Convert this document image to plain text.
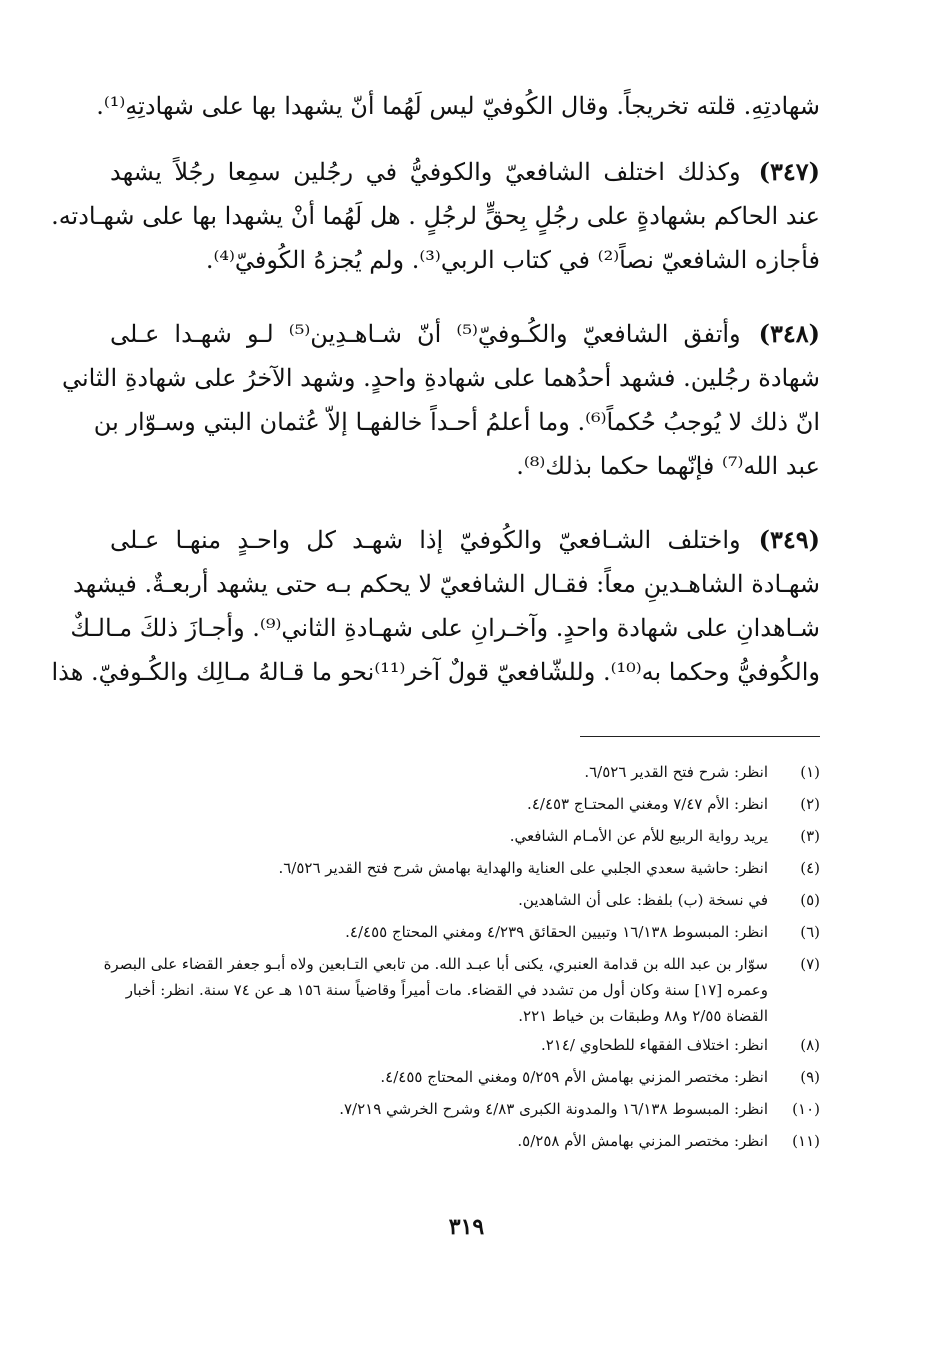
شهادتِهِ. قلته تخريجاً. وقال الكُوفيّ ليس لَهُما أنّ يشهدا بها على شهادتِهِ⁽¹⁾.
(٣٤٧)وكذلك اختلف الشافعيّ والكوفيُّ في رجُلين سمِعا رجُلاً يشهد
عند الحاكم بشهادةٍ على رجُلٍ بِحقٍّ لرجُلٍ . هل لَهُما أنْ يشهدا بها على شهـادته.
فأجازه الشافعيّ نصاً⁽²⁾ في كتاب الربي⁽³⁾. ولم يُجزهُ الكُوفيّ⁽⁴⁾.
(٣٤٨)وأتفق الشافعيّ والكُـوفيّ⁽⁵⁾ أنّ شـاهـدِين⁽⁵⁾ لـو شهـدا عـلى
شهادة رجُلين. فشهد أحدُهما على شهادةِ واحدٍ. وشهد الآخرُ على شهادةِ الثاني
انّ ذلك لا يُوجبُ حُكماً⁽⁶⁾. وما أعلمُ أحـداً خالفهـا إلاّ عُثمان البتي وسـوّار بن
عبد الله⁽⁷⁾ فإنّهما حكما بذلك⁽⁸⁾.
(٣٤٩)واختلف الشـافعيّ والكُوفيّ إذا شهـد كل واحـدٍ منهـا عـلى
شهـادة الشاهـدينِ معاً: فقـال الشافعيّ لا يحكم بـه حتى يشهد أربعـةٌ. فيشهد
شـاهدانِ على شهادة واحدٍ. وآخـرانِ على شهـادةِ الثاني⁽⁹⁾. وأجـازَ ذلكَ مـالـكٌ
والكُوفيُّ وحكما به⁽¹⁰⁾. وللشّافعيّ قولٌ آخر⁽¹¹⁾نحو ما قـالهُ مـالِك والكُـوفيّ. هذا
(١)
انظر: شرح فتح القدير ٦/٥٢٦.
(٢)
انظر: الأم ٧/٤٧ ومغني المحتـاج ٤/٤٥٣.
(٣)
يريد رواية الربيع للأم عن الأمـام الشافعي.
(٤)
انظر: حاشية سعدي الجلبي على العناية والهداية بهامش شرح فتح القدير ٦/٥٢٦.
(٥)
في نسخة (ب) بلفظ: على أن الشاهدين.
(٦)
انظر: المبسوط ١٦/١٣٨ وتبيين الحقائق ٤/٢٣٩ ومغني المحتاج ٤/٤٥٥.
(٧)
سوّار بن عبد الله بن قدامة العنبري، يكنى أبا عبـد الله. من تابعي التـابعين ولاه أبـو جعفر القضاء على البصرة وعمره [١٧] سنة وكان أول من تشدد في القضاء. مات أميراً وقاضياً سنة ١٥٦ هـ عن ٧٤ سنة. انظر: أخبار القضاة ٢/٥٥ و٨٨ وطبقات بن خياط ٢٢١.
(٨)
انظر: اختلاف الفقهاء للطحاوي /٢١٤.
(٩)
انظر: مختصر المزني بهامش الأم ٥/٢٥٩ ومغني المحتاج ٤/٤٥٥.
(١٠)
انظر: المبسوط ١٦/١٣٨ والمدونة الكبرى ٤/٨٣ وشرح الخرشي ٧/٢١٩.
(١١)
انظر: مختصر المزني بهامش الأم ٥/٢٥٨.
٣١٩
